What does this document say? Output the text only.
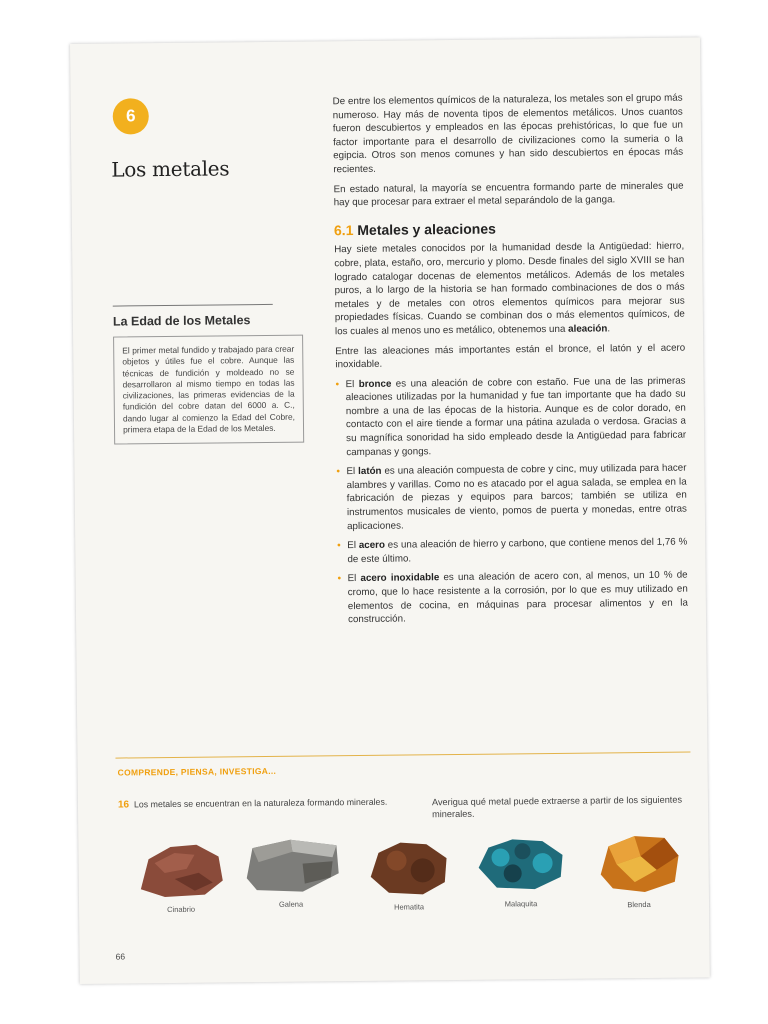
6
Los metales
La Edad de los Metales
El primer metal fundido y trabajado para crear objetos y útiles fue el cobre. Aunque las técnicas de fundición y moldeado no se desarrollaron al mismo tiempo en todas las civilizaciones, las primeras evidencias de la fundición del cobre datan del 6000 a. C., dando lugar al comienzo la Edad del Cobre, primera etapa de la Edad de los Metales.

De entre los elementos químicos de la naturaleza, los metales son el grupo más numeroso. Hay más de noventa tipos de elementos metálicos. Unos cuantos fueron descubiertos y empleados en las épocas prehistóricas, lo que fue un factor importante para el desarrollo de civilizaciones como la sumeria o la egipcia. Otros son menos comunes y han sido descubiertos en épocas más recientes.

En estado natural, la mayoría se encuentra formando parte de minerales que hay que procesar para extraer el metal separándolo de la ganga.

6.1 Metales y aleaciones

Hay siete metales conocidos por la humanidad desde la Antigüedad: hierro, cobre, plata, estaño, oro, mercurio y plomo. Desde finales del siglo XVIII se han logrado catalogar docenas de elementos metálicos. Además de los metales puros, a lo largo de la historia se han formado combinaciones de dos o más metales y de metales con otros elementos químicos para mejorar sus propiedades físicas. Cuando se combinan dos o más elementos químicos, de los cuales al menos uno es metálico, obtenemos una aleación.

Entre las aleaciones más importantes están el bronce, el latón y el acero inoxidable.

• El bronce es una aleación de cobre con estaño. Fue una de las primeras aleaciones utilizadas por la humanidad y fue tan importante que ha dado su nombre a una de las épocas de la historia. Aunque es de color dorado, en contacto con el aire tiende a formar una pátina azulada o verdosa. Gracias a su magnífica sonoridad ha sido empleado desde la Antigüedad para fabricar campanas y gongs.
• El latón es una aleación compuesta de cobre y cinc, muy utilizada para hacer alambres y varillas. Como no es atacado por el agua salada, se emplea en la fabricación de piezas y equipos para barcos; también se utiliza en instrumentos musicales de viento, pomos de puerta y monedas, entre otras aplicaciones.
• El acero es una aleación de hierro y carbono, que contiene menos del 1,76 % de este último.
• El acero inoxidable es una aleación de acero con, al menos, un 10 % de cromo, que lo hace resistente a la corrosión, por lo que es muy utilizado en elementos de cocina, en máquinas para procesar alimentos y en la construcción.
COMPRENDE, PIENSA, INVESTIGA...
16 Los metales se encuentran en la naturaleza formando minerales.	Averigua qué metal puede extraerse a partir de los siguientes minerales.
Cinabrio
Galena	Hematita	Malaquita	Blenda
66
